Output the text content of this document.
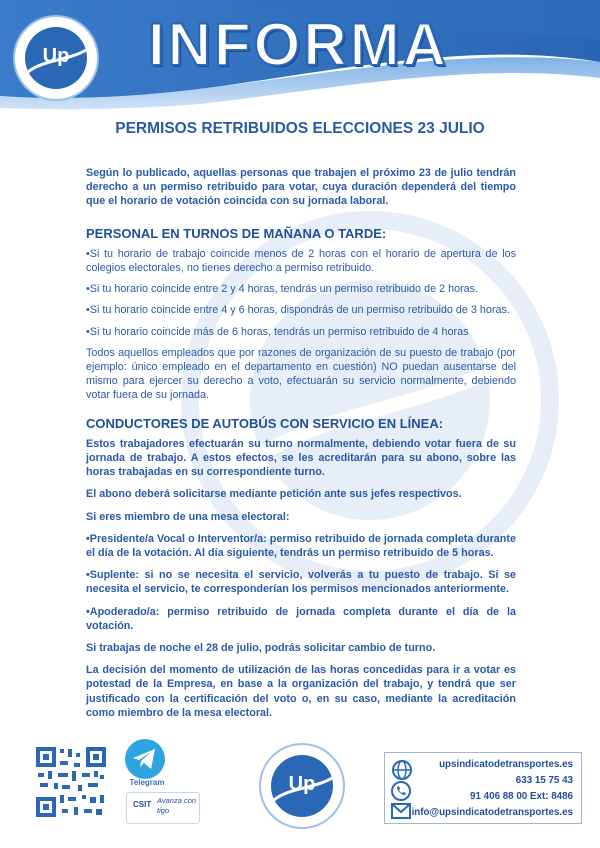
Up INFORMA
PERMISOS RETRIBUIDOS ELECCIONES 23 JULIO

Según lo publicado, aquellas personas que trabajen el próximo 23 de julio tendrán derecho a un permiso retribuido para votar, cuya duración dependerá del tiempo que el horario de votación coincida con su jornada laboral.

PERSONAL EN TURNOS DE MAÑANA O TARDE:

•Si tu horario de trabajo coincide menos de 2 horas con el horario de apertura de los colegios electorales, no tienes derecho a permiso retribuido.

•Si tu horario coincide entre 2 y 4 horas, tendrás un permiso retribuido de 2 horas.

•Si tu horario coincide entre 4 y 6 horas, dispondrás de un permiso retribuido de 3 horas.

•Si tu horario coincide más de 6 horas, tendrás un permiso retribuido de 4 horas

Todos aquellos empleados que por razones de organización de su puesto de trabajo (por ejemplo: único empleado en el departamento en cuestión) NO puedan ausentarse del mismo para ejercer su derecho a voto, efectuarán su servicio normalmente, debiendo votar fuera de su jornada.

CONDUCTORES DE AUTOBÚS CON SERVICIO EN LÍNEA:

Estos trabajadores efectuarán su turno normalmente, debiendo votar fuera de su jornada de trabajo. A estos efectos, se les acreditarán para su abono, sobre las horas trabajadas en su correspondiente turno.

El abono deberá solicitarse mediante petición ante sus jefes respectivos.

Si eres miembro de una mesa electoral:

•Presidente/a Vocal o Interventor/a: permiso retribuido de jornada completa durante el día de la votación. Al día siguiente, tendrás un permiso retribuido de 5 horas.

•Suplente: si no se necesita el servicio, volverás a tu puesto de trabajo. Si se necesita el servicio, te corresponderían los permisos mencionados anteriormente.

•Apoderado/a: permiso retribuido de jornada completa durante el día de la votación.

Si trabajas de noche el 28 de julio, podrás solicitar cambio de turno.

La decisión del momento de utilización de las horas concedidas para ir a votar es potestad de la Empresa, en base a la organización del trabajo, y tendrá que ser justificado con la certificación del voto o, en su caso, mediante la acreditación como miembro de la mesa electoral.

Telegram
CSIT Avanza con tigo
Up
upsindicatodetransportes.es
633 15 75 43
91 406 88 00 Ext: 8486
info@upsindicatodetransportes.es
